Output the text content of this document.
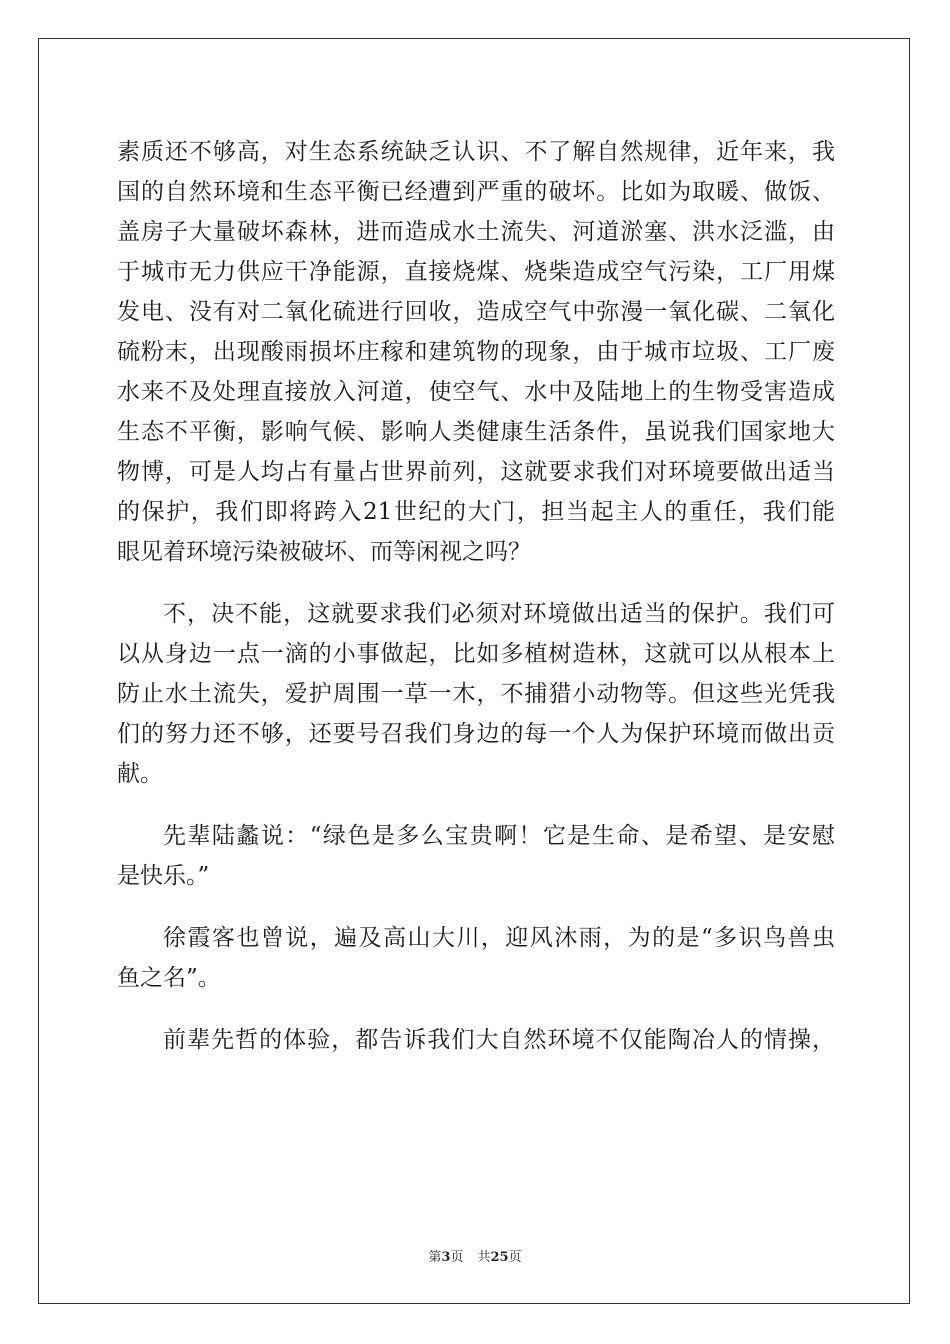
素质还不够高，对生态系统缺乏认识、不了解自然规律，近年来，我
国的自然环境和生态平衡已经遭到严重的破坏。比如为取暖、做饭、
盖房子大量破坏森林，进而造成水土流失、河道淤塞、洪水泛滥，由
于城市无力供应干净能源，直接烧煤、烧柴造成空气污染，工厂用煤
发电、没有对二氧化硫进行回收，造成空气中弥漫一氧化碳、二氧化
硫粉末，出现酸雨损坏庄稼和建筑物的现象，由于城市垃圾、工厂废
水来不及处理直接放入河道，使空气、水中及陆地上的生物受害造成
生态不平衡，影响气候、影响人类健康生活条件，虽说我们国家地大
物博，可是人均占有量占世界前列，这就要求我们对环境要做出适当
的保护，我们即将跨入21世纪的大门，担当起主人的重任，我们能
眼见着环境污染被破坏、而等闲视之吗？
不，决不能，这就要求我们必须对环境做出适当的保护。我们可
以从身边一点一滴的小事做起，比如多植树造林，这就可以从根本上
防止水土流失，爱护周围一草一木，不捕猎小动物等。但这些光凭我
们的努力还不够，还要号召我们身边的每一个人为保护环境而做出贡
献。
先辈陆蠡说：“绿色是多么宝贵啊！它是生命、是希望、是安慰
是快乐。”
徐霞客也曾说，遍及高山大川，迎风沐雨，为的是“多识鸟兽虫
鱼之名”。
前辈先哲的体验，都告诉我们大自然环境不仅能陶冶人的情操，
第3页 共25页
